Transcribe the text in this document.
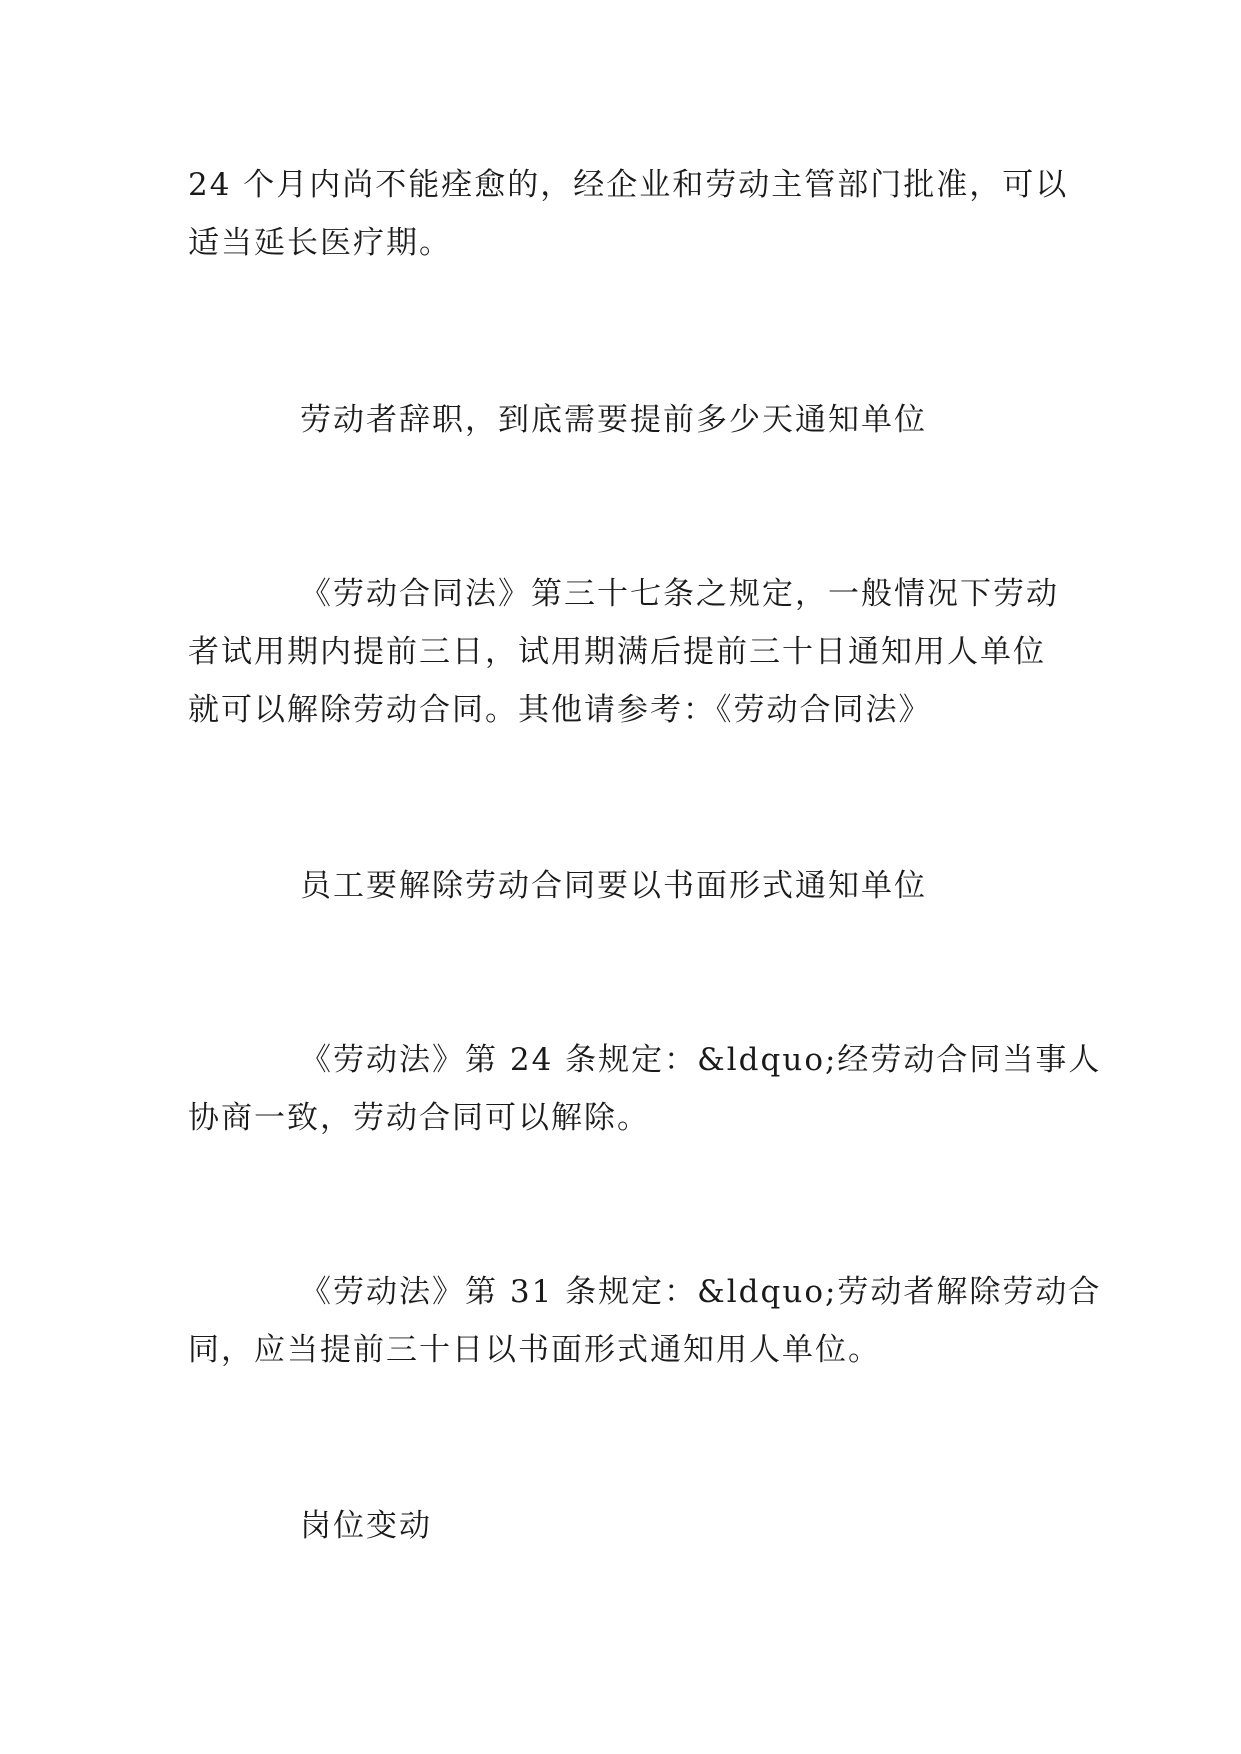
24 个月内尚不能痊愈的，经企业和劳动主管部门批准，可以
适当延长医疗期。
劳动者辞职，到底需要提前多少天通知单位
《劳动合同法》第三十七条之规定，一般情况下劳动
者试用期内提前三日，试用期满后提前三十日通知用人单位
就可以解除劳动合同。其他请参考：《劳动合同法》
员工要解除劳动合同要以书面形式通知单位
《劳动法》第 24 条规定：&ldquo;经劳动合同当事人
协商一致，劳动合同可以解除。
《劳动法》第 31 条规定：&ldquo;劳动者解除劳动合
同，应当提前三十日以书面形式通知用人单位。
岗位变动
